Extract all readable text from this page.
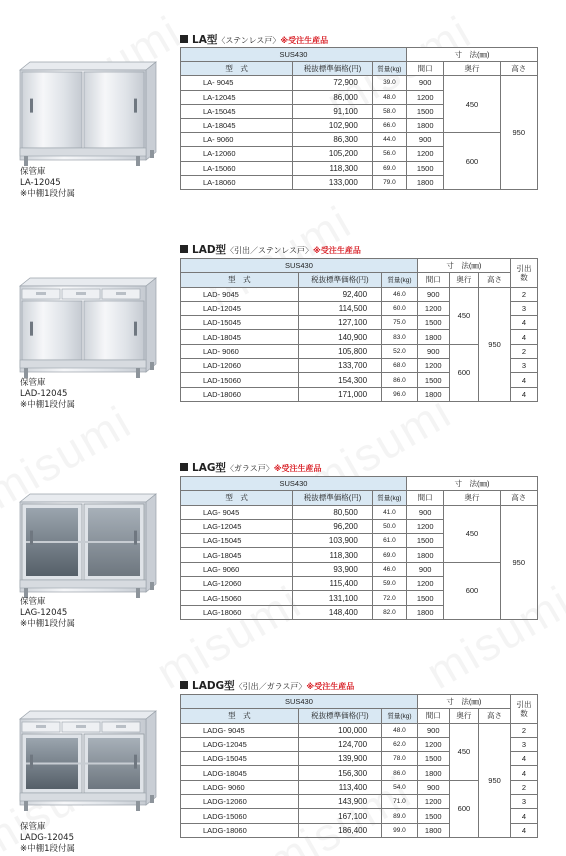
LA型〈ステンレス戸〉※受注生産品
保管庫
LA-12045
※中棚1段付属
SUS430			寸　法(㎜)		
型　式	税抜標準価格(円)	質量(kg)	間口	奥行	高さ
LA- 9045	72,900	39.0	900	450	950
LA-12045	86,000	48.0	1200		
LA-15045	91,100	58.0	1500		
LA-18045	102,900	66.0	1800		
LA- 9060	86,300	44.0	900	600	
LA-12060	105,200	56.0	1200		
LA-15060	118,300	69.0	1500		
LA-18060	133,000	79.0	1800		
LAD型〈引出／ステンレス戸〉※受注生産品
保管庫
LAD-12045
※中棚1段付属
SUS430			寸　法(㎜)			引出数
型　式	税抜標準価格(円)	質量(kg)	間口	奥行	高さ	
LAD- 9045	92,400	46.0	900	450	950	2
LAD-12045	114,500	60.0	1200			3
LAD-15045	127,100	75.0	1500			4
LAD-18045	140,900	83.0	1800			4
LAD- 9060	105,800	52.0	900	600		2
LAD-12060	133,700	68.0	1200			3
LAD-15060	154,300	86.0	1500			4
LAD-18060	171,000	96.0	1800			4
LAG型〈ガラス戸〉※受注生産品
保管庫
LAG-12045
※中棚1段付属
SUS430			寸　法(㎜)		
型　式	税抜標準価格(円)	質量(kg)	間口	奥行	高さ
LAG- 9045	80,500	41.0	900	450	950
LAG-12045	96,200	50.0	1200		
LAG-15045	103,900	61.0	1500		
LAG-18045	118,300	69.0	1800		
LAG- 9060	93,900	46.0	900	600	
LAG-12060	115,400	59.0	1200		
LAG-15060	131,100	72.0	1500		
LAG-18060	148,400	82.0	1800		
LADG型〈引出／ガラス戸〉※受注生産品
保管庫
LADG-12045
※中棚1段付属
SUS430			寸　法(㎜)			引出数
型　式	税抜標準価格(円)	質量(kg)	間口	奥行	高さ	
LADG- 9045	100,000	48.0	900	450	950	2
LADG-12045	124,700	62.0	1200			3
LADG-15045	139,900	78.0	1500			4
LADG-18045	156,300	86.0	1800			4
LADG- 9060	113,400	54.0	900	600		2
LADG-12060	143,900	71.0	1200			3
LADG-15060	167,100	89.0	1500			4
LADG-18060	186,400	99.0	1800			4
